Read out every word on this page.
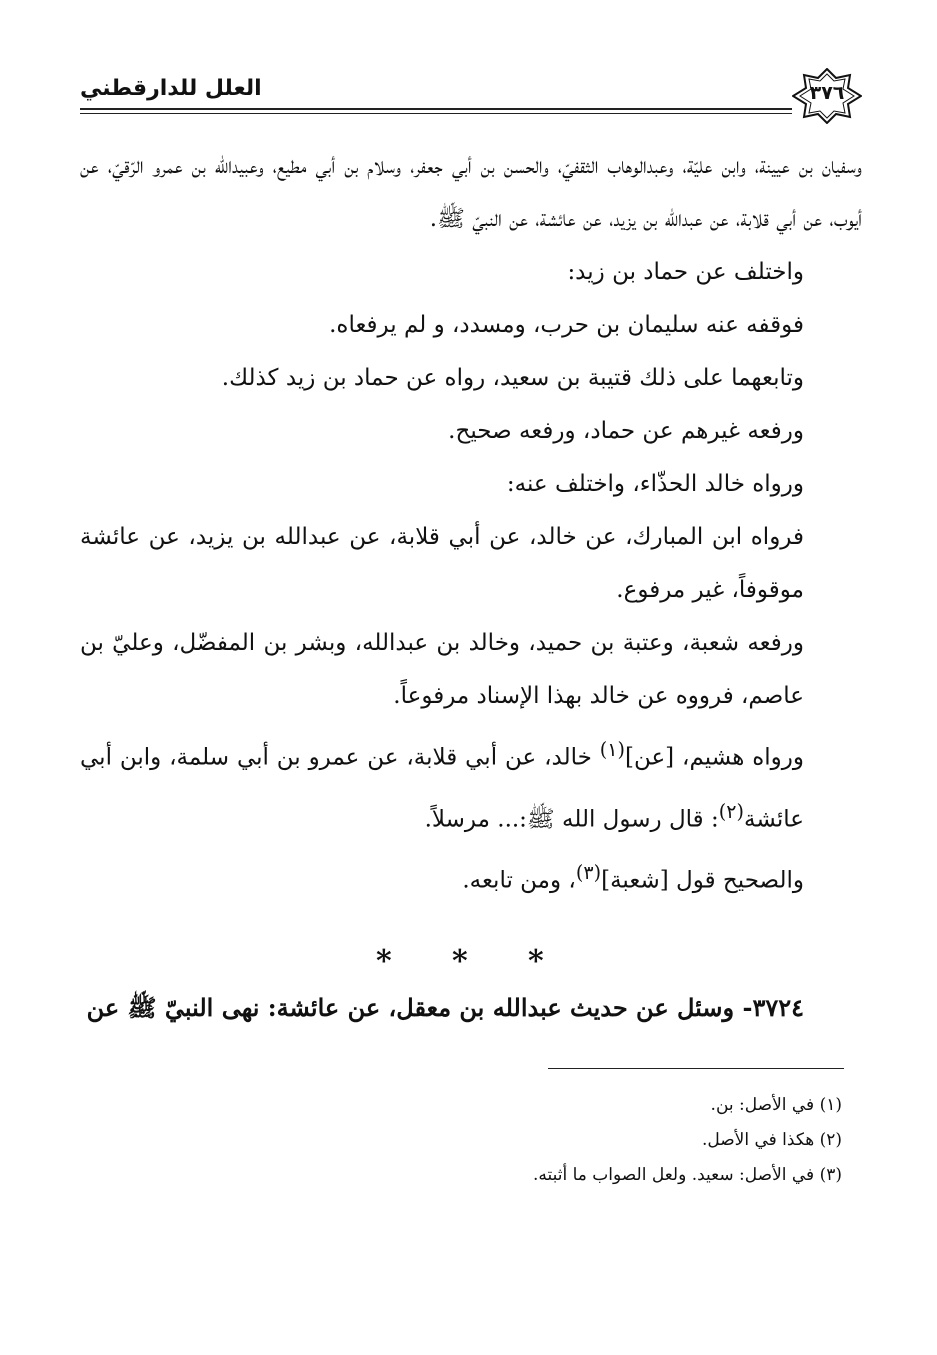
العلل للدارقطني	٣٧٦

وسفيان بن عيينة، وابن عليّة، وعبدالوهاب الثقفيّ، والحسن بن أبي جعفر، وسلام بن أبي مطيع، وعبيدالله بن عمرو الرّقيّ، عن أيوب، عن أبي قلابة، عن عبدالله بن يزيد، عن عائشة، عن النبيّ ﷺ.

واختلف عن حماد بن زيد:

فوقفه عنه سليمان بن حرب، ومسدد، و لم يرفعاه.

وتابعهما على ذلك قتيبة بن سعيد، رواه عن حماد بن زيد كذلك.

ورفعه غيرهم عن حماد، ورفعه صحيح.

ورواه خالد الحذّاء، واختلف عنه:

فرواه ابن المبارك، عن خالد، عن أبي قلابة، عن عبدالله بن يزيد، عن عائشة موقوفاً، غير مرفوع.

ورفعه شعبة، وعتبة بن حميد، وخالد بن عبدالله، وبشر بن المفضّل، وعليّ بن عاصم، فرووه عن خالد بهذا الإسناد مرفوعاً.

ورواه هشيم، [عن]$^{(١)}$ خالد، عن أبي قلابة، عن عمرو بن أبي سلمة، وابن أبي عائشة$^{(٢)}$: قال رسول الله ﷺ:... مرسلاً.

والصحيح قول [شعبة]$^{(٣)}$، ومن تابعه.

* * *
٣٧٢٤- وسئل عن حديث عبدالله بن معقل، عن عائشة: نهى النبيّ ﷺ عن

(١) في الأصل: بن.

(٢) هكذا في الأصل.

(٣) في الأصل: سعيد. ولعل الصواب ما أثبته.
